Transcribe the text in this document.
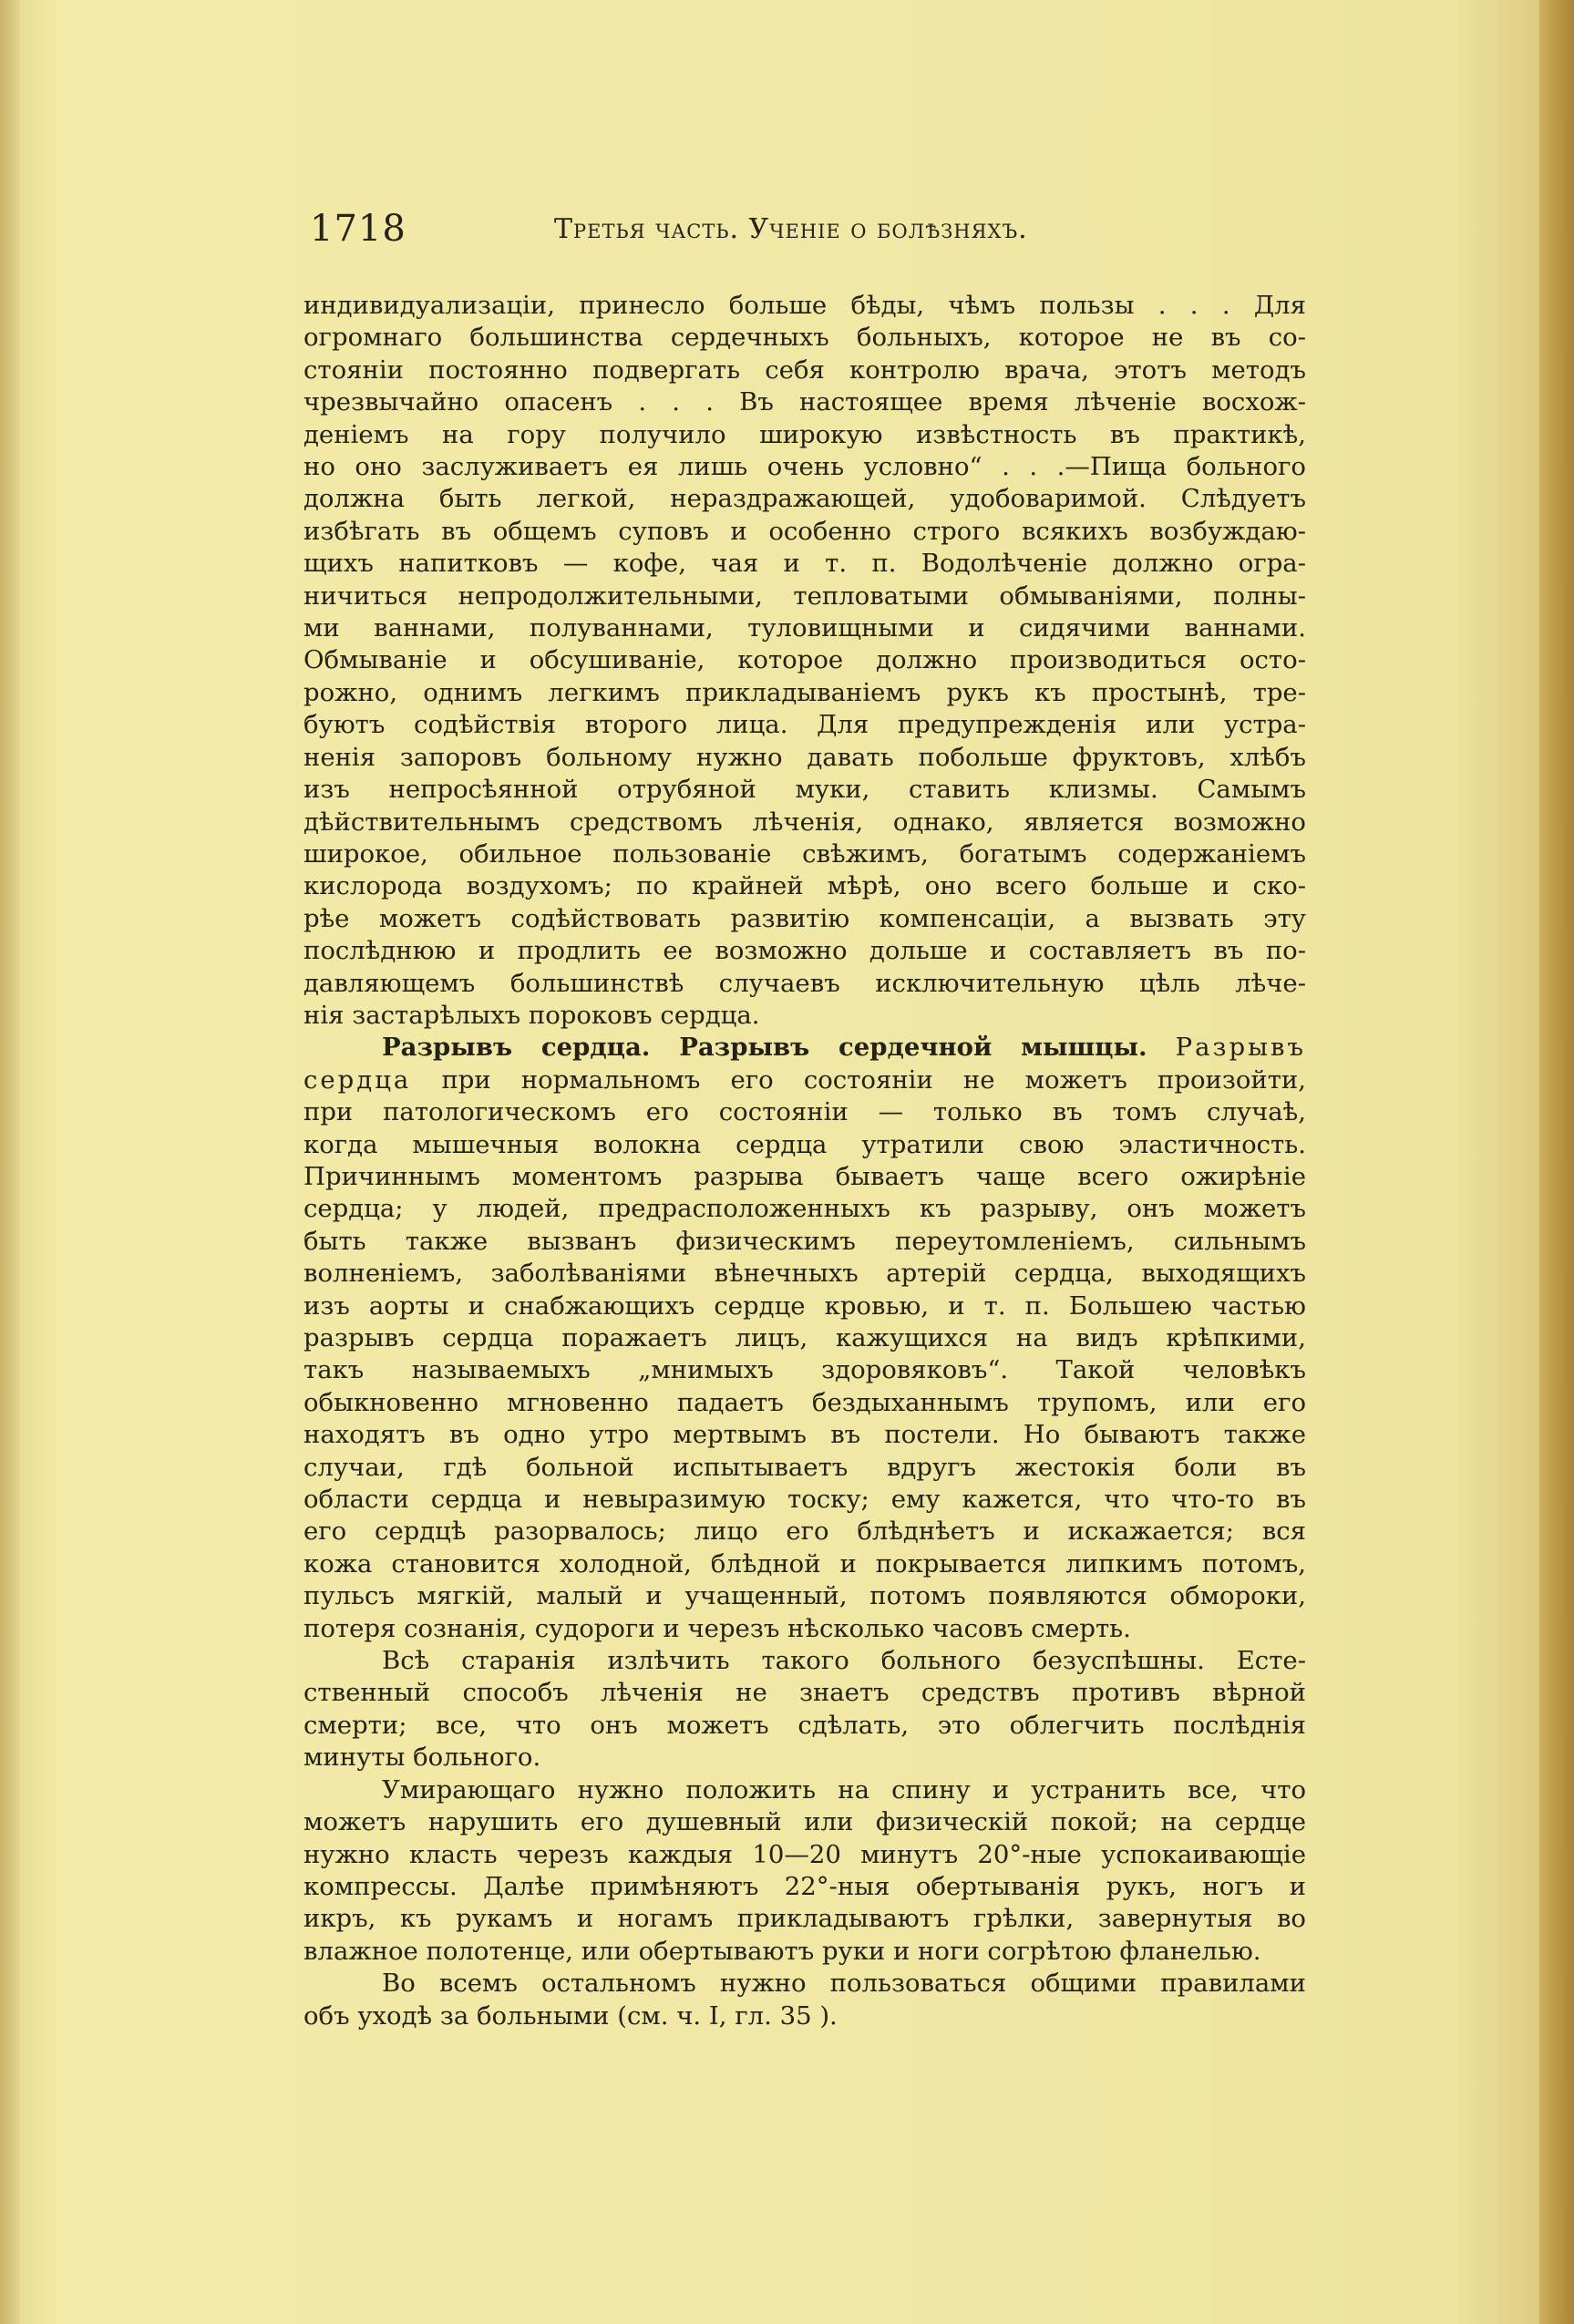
1718	Третья часть. Ученіе о болѣзняхъ.
индивидуализаціи, принесло больше бѣды, чѣмъ пользы . . . Для
огромнаго большинства сердечныхъ больныхъ, которое не въ со-
стояніи постоянно подвергать себя контролю врача, этотъ методъ
чрезвычайно опасенъ . . . Въ настоящее время лѣченіе восхож-
деніемъ на гору получило широкую извѣстность въ практикѣ,
но оно заслуживаетъ ея лишь очень условно“ . . .—Пища больного
должна быть легкой, нераздражающей, удобоваримой. Слѣдуетъ
избѣгать въ общемъ суповъ и особенно строго всякихъ возбуждаю-
щихъ напитковъ — кофе, чая и т. п. Водолѣченіе должно огра-
ничиться непродолжительными, тепловатыми обмываніями, полны-
ми ваннами, полуваннами, туловищными и сидячими ваннами.
Обмываніе и обсушиваніе, которое должно производиться осто-
рожно, однимъ легкимъ прикладываніемъ рукъ къ простынѣ, тре-
буютъ содѣйствія второго лица. Для предупрежденія или устра-
ненія запоровъ больному нужно давать побольше фруктовъ, хлѣбъ
изъ непросѣянной отрубяной муки, ставить клизмы. Самымъ
дѣйствительнымъ средствомъ лѣченія, однако, является возможно
широкое, обильное пользованіе свѣжимъ, богатымъ содержаніемъ
кислорода воздухомъ; по крайней мѣрѣ, оно всего больше и ско-
рѣе можетъ содѣйствовать развитію компенсаціи, а вызвать эту
послѣднюю и продлить ее возможно дольше и составляетъ въ по-
давляющемъ большинствѣ случаевъ исключительную цѣль лѣче-
нія застарѣлыхъ пороковъ сердца.
Разрывъ сердца. Разрывъ сердечной мышцы. Разрывъ
сердца при нормальномъ его состояніи не можетъ произойти,
при патологическомъ его состояніи — только въ томъ случаѣ,
когда мышечныя волокна сердца утратили свою эластичность.
Причиннымъ моментомъ разрыва бываетъ чаще всего ожирѣніе
сердца; у людей, предрасположенныхъ къ разрыву, онъ можетъ
быть также вызванъ физическимъ переутомленіемъ, сильнымъ
волненіемъ, заболѣваніями вѣнечныхъ артерій сердца, выходящихъ
изъ аорты и снабжающихъ сердце кровью, и т. п. Большею частью
разрывъ сердца поражаетъ лицъ, кажущихся на видъ крѣпкими,
такъ называемыхъ „мнимыхъ здоровяковъ“. Такой человѣкъ
обыкновенно мгновенно падаетъ бездыханнымъ трупомъ, или его
находятъ въ одно утро мертвымъ въ постели. Но бываютъ также
случаи, гдѣ больной испытываетъ вдругъ жестокія боли въ
области сердца и невыразимую тоску; ему кажется, что что-то въ
его сердцѣ разорвалось; лицо его блѣднѣетъ и искажается; вся
кожа становится холодной, блѣдной и покрывается липкимъ потомъ,
пульсъ мягкій, малый и учащенный, потомъ появляются обмороки,
потеря сознанія, судороги и черезъ нѣсколько часовъ смерть.
Всѣ старанія излѣчить такого больного безуспѣшны. Есте-
ственный способъ лѣченія не знаетъ средствъ противъ вѣрной
смерти; все, что онъ можетъ сдѣлать, это облегчить послѣднія
минуты больного.
Умирающаго нужно положить на спину и устранить все, что
можетъ нарушить его душевный или физическій покой; на сердце
нужно класть черезъ каждыя 10—20 минутъ 20°-ные успокаивающіе
компрессы. Далѣе примѣняютъ 22°-ныя обертыванія рукъ, ногъ и
икръ, къ рукамъ и ногамъ прикладываютъ грѣлки, завернутыя во
влажное полотенце, или обертываютъ руки и ноги согрѣтою фланелью.
Во всемъ остальномъ нужно пользоваться общими правилами
объ уходѣ за больными (см. ч. I, гл. 35 ).
